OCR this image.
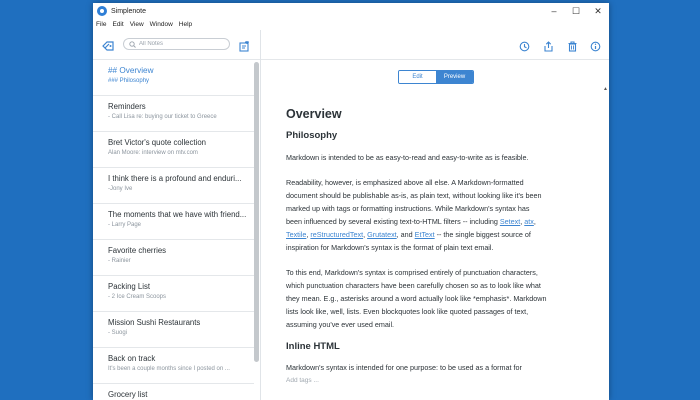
Simplenote	–	☐	✕
File Edit View Window Help
All Notes
## Overview
### Philosophy
Reminders
- Call Lisa re: buying our ticket to Greece
Bret Victor's quote collection
Alan Moore: interview on mtv.com
I think there is a profound and enduri...
-Jony Ive
The moments that we have with friend...
- Larry Page
Favorite cherries
- Rainier
Packing List
- 2 Ice Cream Scoops
Mission Sushi Restaurants
- Suogi
Back on track
It's been a couple months since I posted on ...
Grocery list
Edit	Preview
▲
Overview
Philosophy
Markdown is intended to be as easy-to-read and easy-to-write as is feasible.
Readability, however, is emphasized above all else. A Markdown-formatted
document should be publishable as-is, as plain text, without looking like it's been
marked up with tags or formatting instructions. While Markdown's syntax has
been influenced by several existing text-to-HTML filters -- including Setext, atx,
Textile, reStructuredText, Grutatext, and EtText -- the single biggest source of
inspiration for Markdown's syntax is the format of plain text email.
To this end, Markdown's syntax is comprised entirely of punctuation characters,
which punctuation characters have been carefully chosen so as to look like what
they mean. E.g., asterisks around a word actually look like *emphasis*. Markdown
lists look like, well, lists. Even blockquotes look like quoted passages of text,
assuming you've ever used email.
Inline HTML
Markdown's syntax is intended for one purpose: to be used as a format for
Add tags ...
